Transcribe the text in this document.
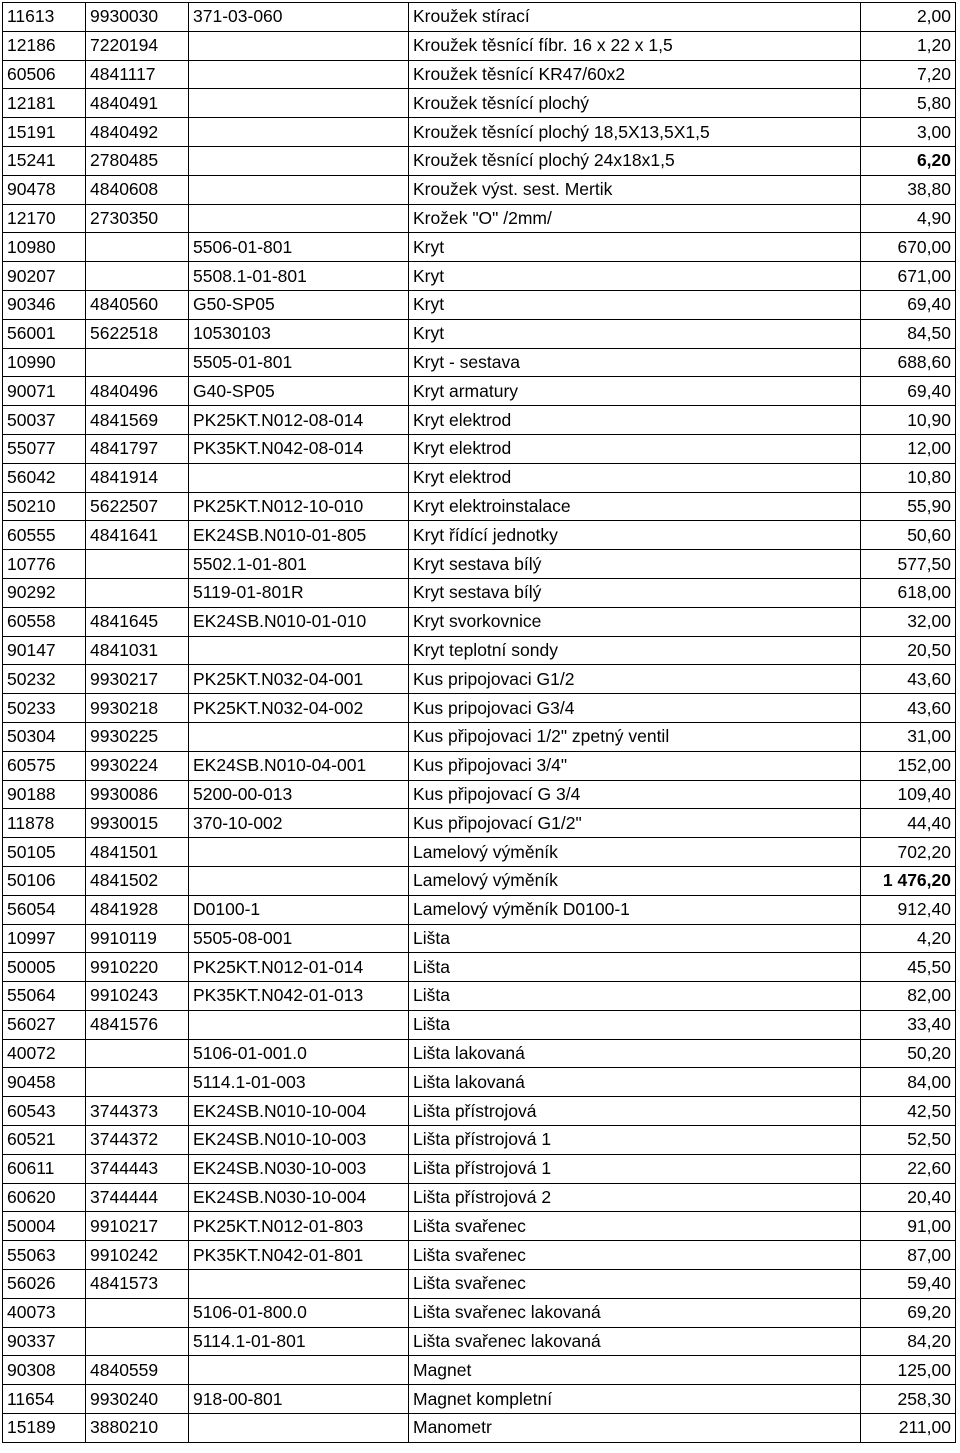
11613	9930030	371-03-060	Kroužek stírací	2,00
12186	7220194		Kroužek těsnící fíbr. 16 x 22 x 1,5	1,20
60506	4841117		Kroužek těsnící KR47/60x2	7,20
12181	4840491		Kroužek těsnící plochý	5,80
15191	4840492		Kroužek těsnící plochý 18,5X13,5X1,5	3,00
15241	2780485		Kroužek těsnící plochý 24x18x1,5	6,20
90478	4840608		Kroužek výst. sest. Mertik	38,80
12170	2730350		Krožek "O" /2mm/	4,90
10980		5506-01-801	Kryt	670,00
90207		5508.1-01-801	Kryt	671,00
90346	4840560	G50-SP05	Kryt	69,40
56001	5622518	10530103	Kryt	84,50
10990		5505-01-801	Kryt - sestava	688,60
90071	4840496	G40-SP05	Kryt armatury	69,40
50037	4841569	PK25KT.N012-08-014	Kryt elektrod	10,90
55077	4841797	PK35KT.N042-08-014	Kryt elektrod	12,00
56042	4841914		Kryt elektrod	10,80
50210	5622507	PK25KT.N012-10-010	Kryt elektroinstalace	55,90
60555	4841641	EK24SB.N010-01-805	Kryt řídící jednotky	50,60
10776		5502.1-01-801	Kryt sestava bílý	577,50
90292		5119-01-801R	Kryt sestava bílý	618,00
60558	4841645	EK24SB.N010-01-010	Kryt svorkovnice	32,00
90147	4841031		Kryt teplotní sondy	20,50
50232	9930217	PK25KT.N032-04-001	Kus pripojovaci G1/2	43,60
50233	9930218	PK25KT.N032-04-002	Kus pripojovaci G3/4	43,60
50304	9930225		Kus připojovaci 1/2" zpetný ventil	31,00
60575	9930224	EK24SB.N010-04-001	Kus připojovaci 3/4"	152,00
90188	9930086	5200-00-013	Kus připojovací G 3/4	109,40
11878	9930015	370-10-002	Kus připojovací G1/2"	44,40
50105	4841501		Lamelový výměník	702,20
50106	4841502		Lamelový výměník	1 476,20
56054	4841928	D0100-1	Lamelový výměník D0100-1	912,40
10997	9910119	5505-08-001	Lišta	4,20
50005	9910220	PK25KT.N012-01-014	Lišta	45,50
55064	9910243	PK35KT.N042-01-013	Lišta	82,00
56027	4841576		Lišta	33,40
40072		5106-01-001.0	Lišta lakovaná	50,20
90458		5114.1-01-003	Lišta lakovaná	84,00
60543	3744373	EK24SB.N010-10-004	Lišta přístrojová	42,50
60521	3744372	EK24SB.N010-10-003	Lišta přístrojová 1	52,50
60611	3744443	EK24SB.N030-10-003	Lišta přístrojová 1	22,60
60620	3744444	EK24SB.N030-10-004	Lišta přístrojová 2	20,40
50004	9910217	PK25KT.N012-01-803	Lišta svařenec	91,00
55063	9910242	PK35KT.N042-01-801	Lišta svařenec	87,00
56026	4841573		Lišta svařenec	59,40
40073		5106-01-800.0	Lišta svařenec lakovaná	69,20
90337		5114.1-01-801	Lišta svařenec lakovaná	84,20
90308	4840559		Magnet	125,00
11654	9930240	918-00-801	Magnet kompletní	258,30
15189	3880210		Manometr	211,00
